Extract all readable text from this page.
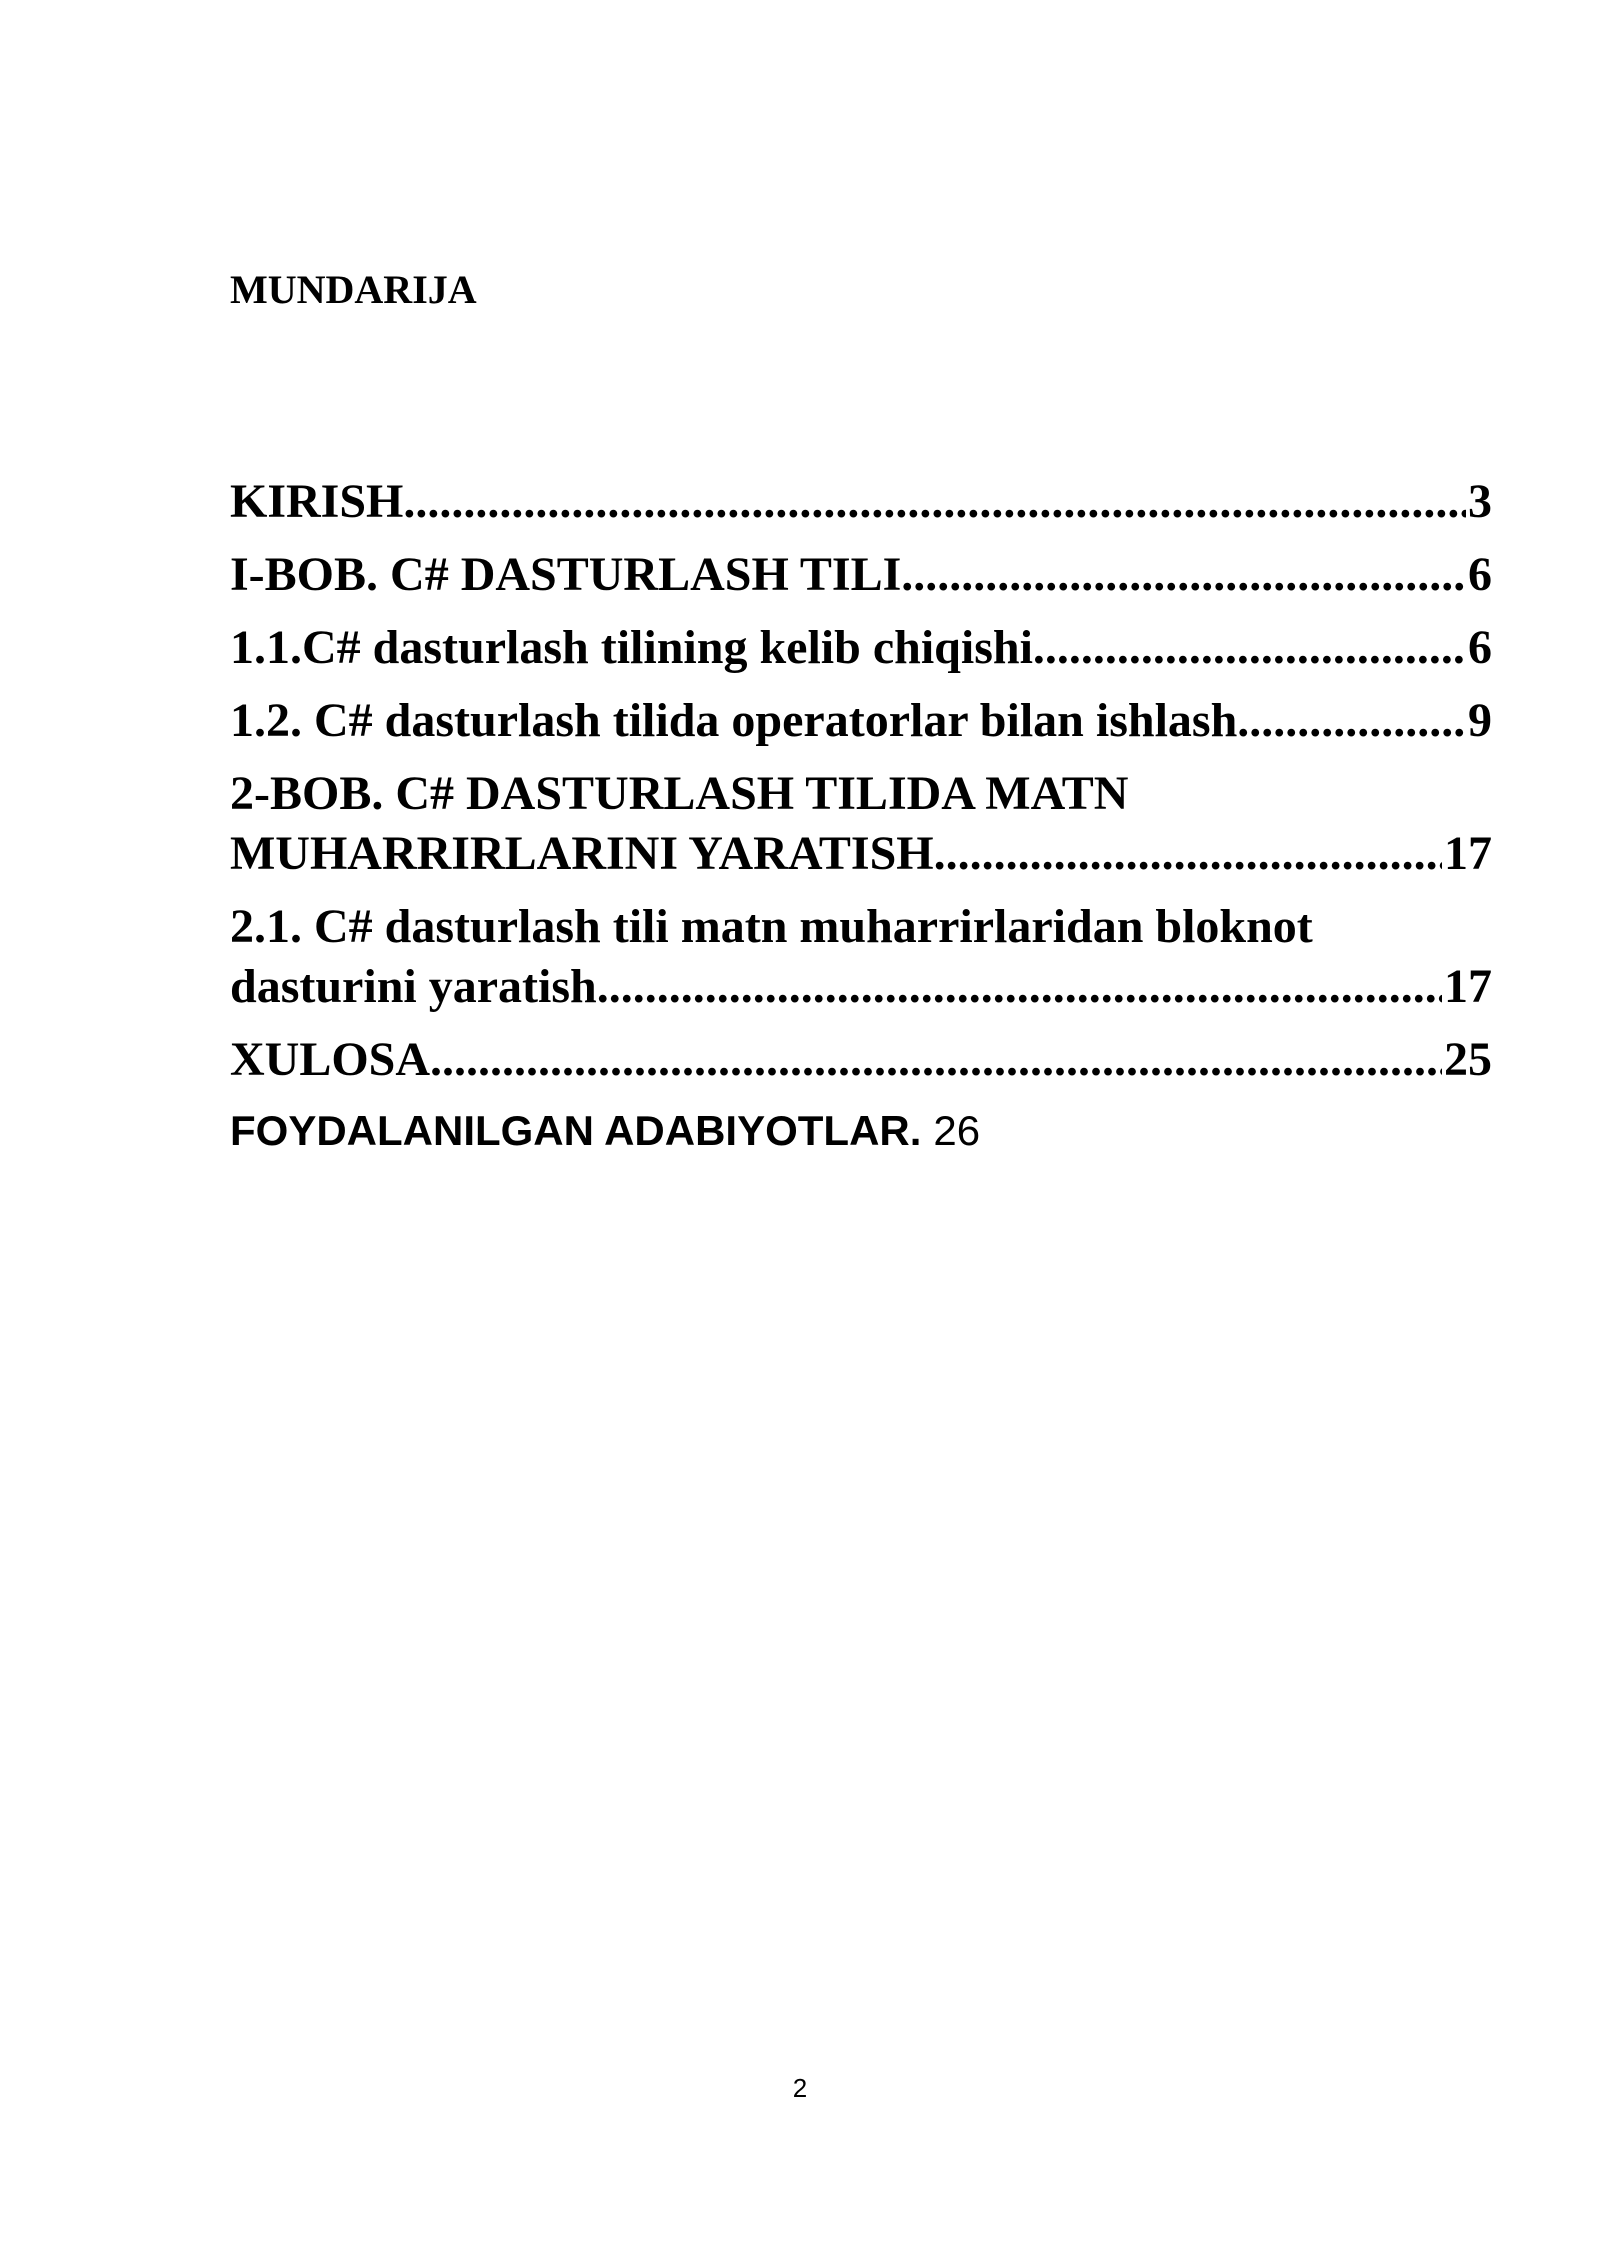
MUNDARIJA
KIRISH .....	3
I-BOB. C# DASTURLASH TILI .....	6
1.1.C# dasturlash tilining kelib chiqishi .....	6
1.2. C# dasturlash tilida operatorlar bilan ishlash .....	9
2-BOB. C# DASTURLASH TILIDA MATN
MUHARRIRLARINI YARATISH .....	17
2.1. C# dasturlash tili matn muharrirlaridan bloknot
dasturini yaratish .....	17
XULOSA .....	25
FOYDALANILGAN ADABIYOTLAR. 26
2
